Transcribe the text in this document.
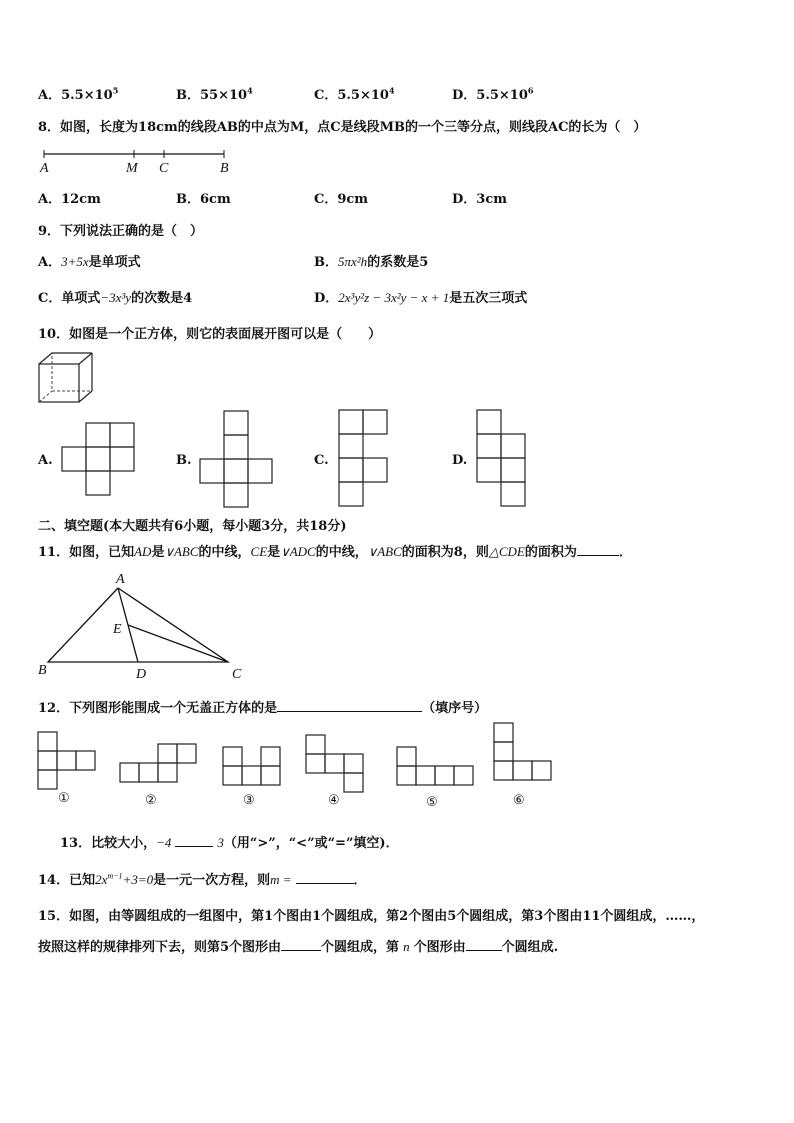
A．$5.5\times 10^5$	B．$55\times 10^4$	C．$5.5\times 10^4$	D．$5.5\times 10^6$
8．如图，长度为18cm的线段AB的中点为M，点C是线段MB的一个三等分点，则线段AC的长为（　）
A	M C	B
A．12cm	B．6cm	C．9cm	D．3cm
9．下列说法正确的是（　）
A．3+5x是单项式	B．5πx²h的系数是5
C．单项式−3x³y的次数是4	D．2x³y²z − 3x²y − x + 1是五次三项式
10．如图是一个正方体，则它的表面展开图可以是（　　）
A.	B.	C.	D.
二、填空题(本大题共有6小题，每小题3分，共18分)
11．如图，已知AD是∨ABC的中线，CE是∨ADC的中线，∨ABC的面积为8，则△CDE的面积为	．
A
E
B	D	C
12．下列图形能围成一个无盖正方体的是	（填序号）
①	②	③	④	⑤	⑥
13．比较大小，−4	3（用“>”，“<”或“=”填空)．
14．已知$2x^{m-1}+3=0$是一元一次方程，则m =	．
15．如图，由等圆组成的一组图中，第1个图由1个圆组成，第2个图由5个圆组成，第3个图由11个圆组成，……，
按照这样的规律排列下去，则第5个图形由	个圆组成，第 n 个图形由	个圆组成.
